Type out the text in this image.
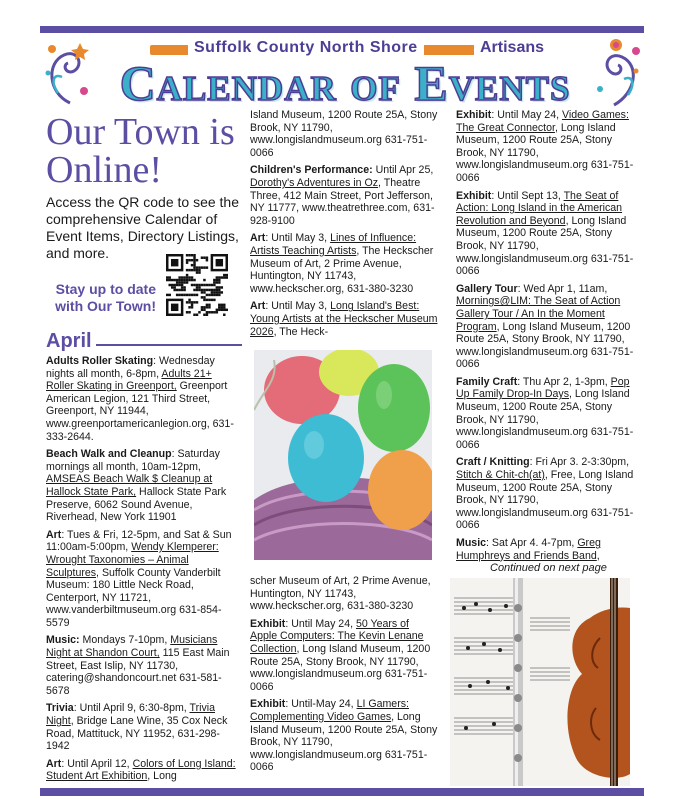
Suffolk County North Shore	Artisans
Calendar of Events
Our Town is Online!
Access the QR code to see the comprehensive Calendar of Event Items, Directory Listings, and more.
Stay up to date with Our Town!
April
Adults Roller Skating: Wednesday nights all month, 6-8pm, Adults 21+ Roller Skating in Greenport, Greenport American Legion, 121 Third Street, Greenport, NY 11944, www.greenportamericanlegion.org, 631-333-2644.
Beach Walk and Cleanup: Saturday mornings all month, 10am-12pm, AMSEAS Beach Walk $ Cleanup at Hallock State Park, Hallock State Park Preserve, 6062 Sound Avenue, Riverhead, New York 11901
Art: Tues & Fri, 12-5pm, and Sat & Sun 11:00am-5:00pm, Wendy Klemperer: Wrought Taxonomies – Animal Sculptures, Suffolk County Vanderbilt Museum: 180 Little Neck Road, Centerport, NY 11721, www.vanderbiltmuseum.org 631-854-5579
Music: Mondays 7-10pm, Musicians Night at Shandon Court, 115 East Main Street, East Islip, NY 11730, catering@shandoncourt.net 631-581-5678
Trivia: Until April 9, 6:30-8pm, Trivia Night, Bridge Lane Wine, 35 Cox Neck Road, Mattituck, NY 11952, 631-298-1942
Art: Until April 12, Colors of Long Island: Student Art Exhibition, Long
Island Museum, 1200 Route 25A, Stony Brook, NY 11790, www.longislandmuseum.org 631-751-0066
Children's Performance: Until Apr 25, Dorothy's Adventures in Oz, Theatre Three, 412 Main Street, Port Jefferson, NY 11777, www.theatrethree.com, 631-928-9100
Art: Until May 3, Lines of Influence: Artists Teaching Artists, The Heckscher Museum of Art, 2 Prime Avenue, Huntington, NY 11743, www.heckscher.org, 631-380-3230
Art: Until May 3, Long Island's Best: Young Artists at the Heckscher Museum 2026, The Heck-
scher Museum of Art, 2 Prime Avenue, Huntington, NY 11743, www.heckscher.org, 631-380-3230
Exhibit: Until May 24, 50 Years of Apple Computers: The Kevin Lenane Collection, Long Island Museum, 1200 Route 25A, Stony Brook, NY 11790, www.longislandmuseum.org 631-751-0066
Exhibit: Until-May 24, LI Gamers: Complementing Video Games, Long Island Museum, 1200 Route 25A, Stony Brook, NY 11790, www.longislandmuseum.org 631-751-0066
Exhibit: Until May 24, Video Games: The Great Connector, Long Island Museum, 1200 Route 25A, Stony Brook, NY 11790, www.longislandmuseum.org 631-751-0066
Exhibit: Until Sept 13, The Seat of Action: Long Island in the American Revolution and Beyond, Long Island Museum, 1200 Route 25A, Stony Brook, NY 11790, www.longislandmuseum.org 631-751-0066
Gallery Tour: Wed Apr 1, 11am, Mornings@LIM: The Seat of Action Gallery Tour / An In the Moment Program, Long Island Museum, 1200 Route 25A, Stony Brook, NY 11790, www.longislandmuseum.org 631-751-0066
Family Craft: Thu Apr 2, 1-3pm, Pop Up Family Drop-In Days, Long Island Museum, 1200 Route 25A, Stony Brook, NY 11790, www.longislandmuseum.org 631-751-0066
Craft / Knitting: Fri Apr 3. 2-3:30pm, Stitch & Chit-ch(at), Free, Long Island Museum, 1200 Route 25A, Stony Brook, NY 11790, www.longislandmuseum.org 631-751-0066
Music: Sat Apr 4. 4-7pm, Greg Humphreys and Friends Band,
Continued on next page
